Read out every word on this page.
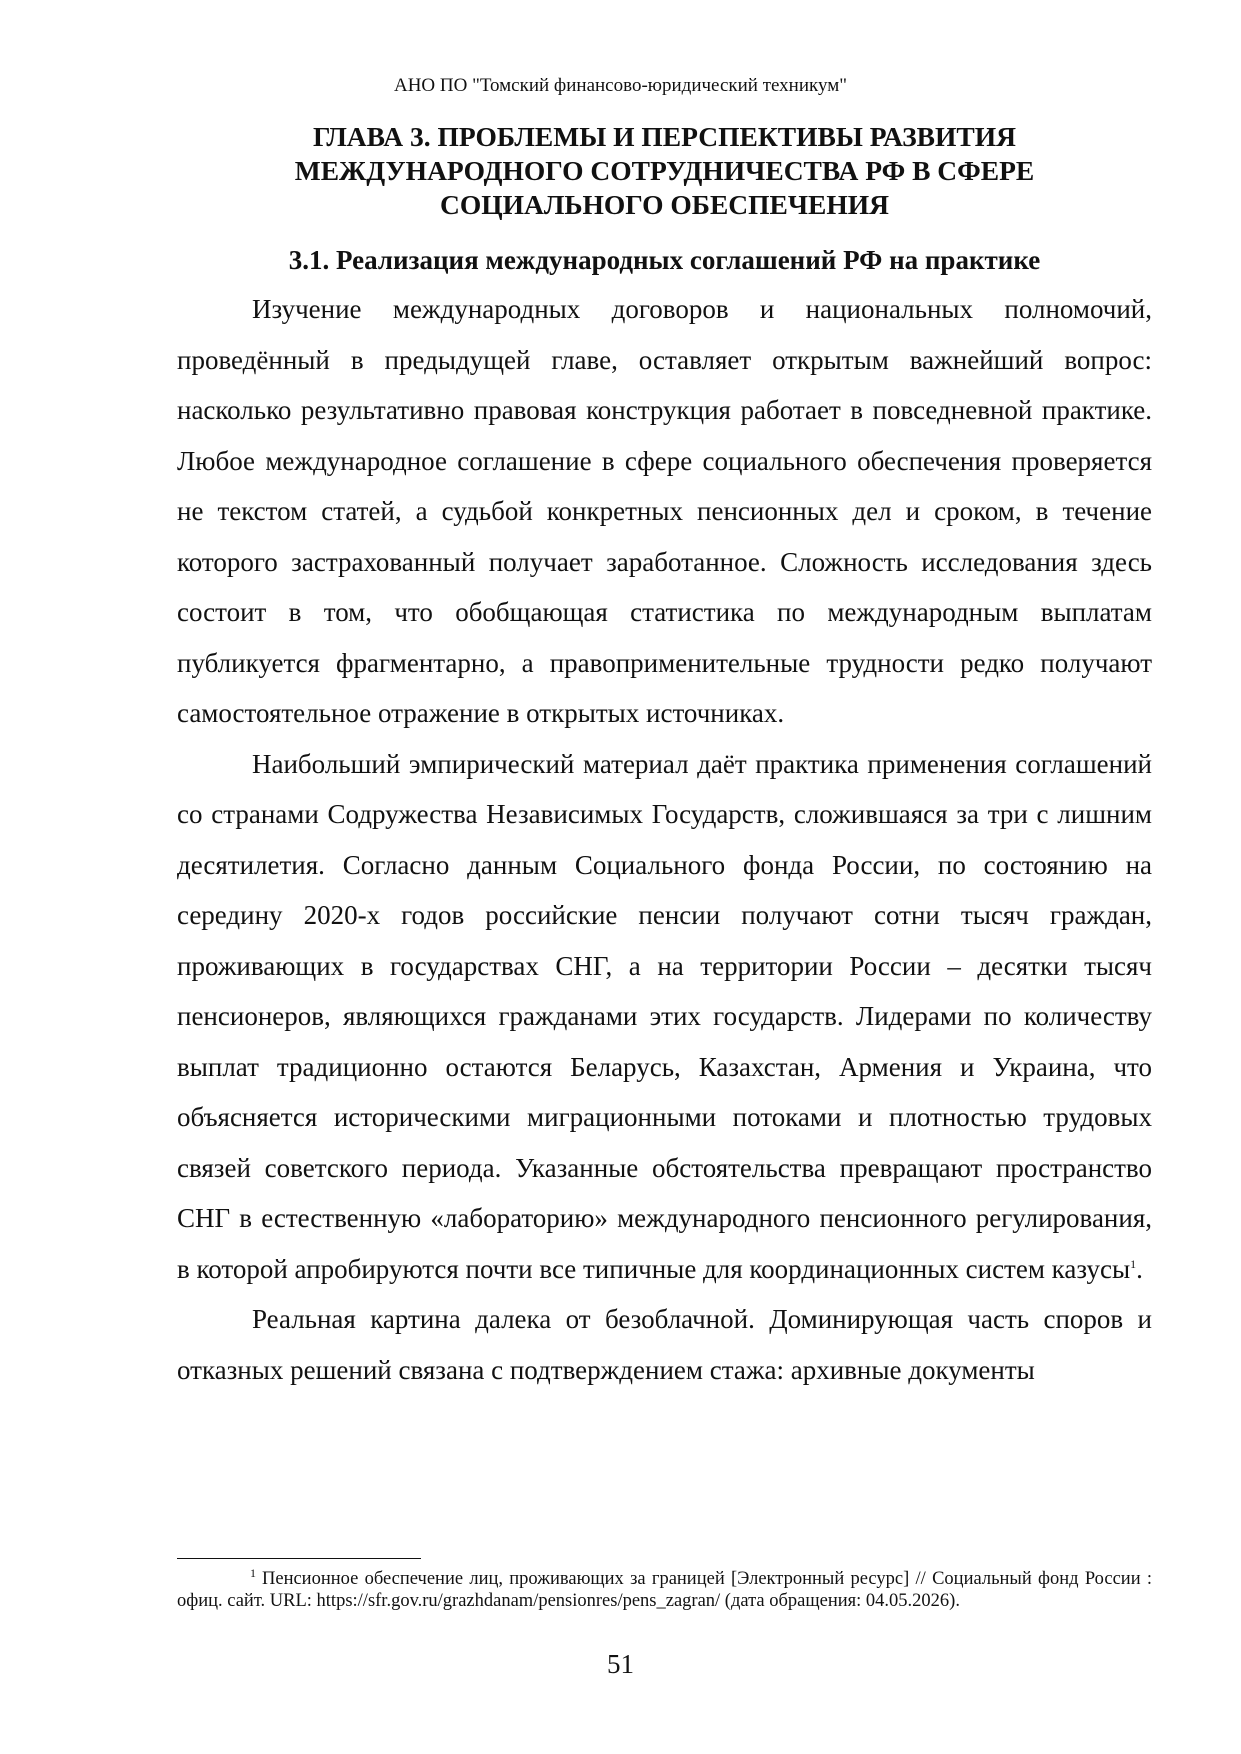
АНО ПО "Томский финансово-юридический техникум"
ГЛАВА 3. ПРОБЛЕМЫ И ПЕРСПЕКТИВЫ РАЗВИТИЯ
МЕЖДУНАРОДНОГО СОТРУДНИЧЕСТВА РФ В СФЕРЕ
СОЦИАЛЬНОГО ОБЕСПЕЧЕНИЯ
3.1. Реализация международных соглашений РФ на практике

Изучение международных договоров и национальных полномочий, проведённый в предыдущей главе, оставляет открытым важнейший вопрос: насколько результативно правовая конструкция работает в повседневной практике. Любое международное соглашение в сфере социального обеспечения проверяется не текстом статей, а судьбой конкретных пенсионных дел и сроком, в течение которого застрахованный получает заработанное. Сложность исследования здесь состоит в том, что обобщающая статистика по международным выплатам публикуется фрагментарно, а правоприменительные трудности редко получают самостоятельное отражение в открытых источниках.

Наибольший эмпирический материал даёт практика применения соглашений со странами Содружества Независимых Государств, сложившаяся за три с лишним десятилетия. Согласно данным Социального фонда России, по состоянию на середину 2020-х годов российские пенсии получают сотни тысяч граждан, проживающих в государствах СНГ, а на территории России – десятки тысяч пенсионеров, являющихся гражданами этих государств. Лидерами по количеству выплат традиционно остаются Беларусь, Казахстан, Армения и Украина, что объясняется историческими миграционными потоками и плотностью трудовых связей советского периода. Указанные обстоятельства превращают пространство СНГ в естественную «лабораторию» международного пенсионного регулирования, в которой апробируются почти все типичные для координационных систем казусы$^1$.

Реальная картина далека от безоблачной. Доминирующая часть споров и отказных решений связана с подтверждением стажа: архивные документы

$^1$ Пенсионное обеспечение лиц, проживающих за границей [Электронный ресурс] // Социальный фонд России : офиц. сайт. URL: https://sfr.gov.ru/grazhdanam/pensionres/pens_zagran/ (дата обращения: 04.05.2026).

51
